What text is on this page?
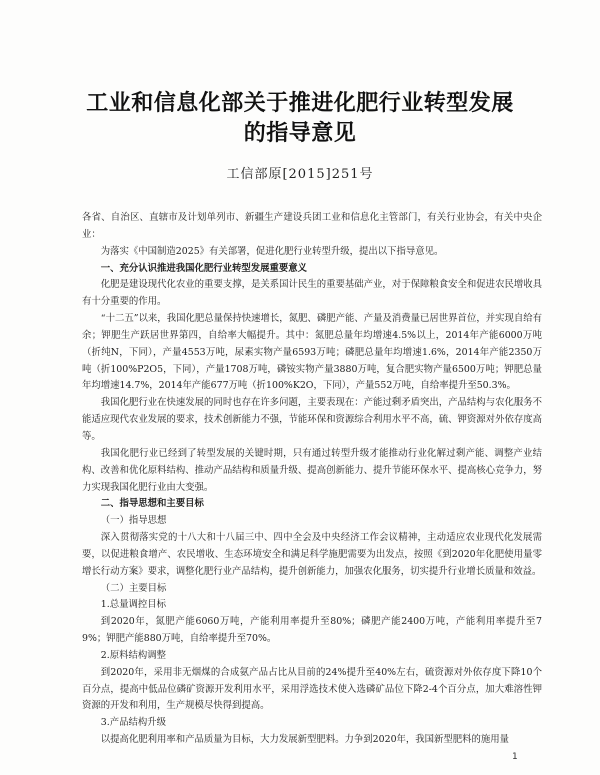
工业和信息化部关于推进化肥行业转型发展
的指导意见
工信部原[2015]251号

各省、自治区、直辖市及计划单列市、新疆生产建设兵团工业和信息化主管部门，有关行业协会，有关中央企业：

为落实《中国制造2025》有关部署，促进化肥行业转型升级，提出以下指导意见。

一、充分认识推进我国化肥行业转型发展重要意义

化肥是建设现代化农业的重要支撑，是关系国计民生的重要基础产业，对于保障粮食安全和促进农民增收具有十分重要的作用。

“十二五”以来，我国化肥总量保持快速增长，氮肥、磷肥产能、产量及消费量已居世界首位，并实现自给有余；钾肥生产跃居世界第四，自给率大幅提升。其中：氮肥总量年均增速4.5%以上，2014年产能6000万吨（折纯N，下同），产量4553万吨，尿素实物产量6593万吨；磷肥总量年均增速1.6%，2014年产能2350万吨（折100%P2O5，下同），产量1708万吨，磷铵实物产量3880万吨，复合肥实物产量6500万吨；钾肥总量年均增速14.7%，2014年产能677万吨（折100%K2O，下同），产量552万吨，自给率提升至50.3%。

我国化肥行业在快速发展的同时也存在许多问题，主要表现在：产能过剩矛盾突出，产品结构与农化服务不能适应现代农业发展的要求，技术创新能力不强，节能环保和资源综合利用水平不高，硫、钾资源对外依存度高等。

我国化肥行业已经到了转型发展的关键时期，只有通过转型升级才能推动行业化解过剩产能、调整产业结构、改善和优化原料结构、推动产品结构和质量升级、提高创新能力、提升节能环保水平、提高核心竞争力，努力实现我国化肥行业由大变强。

二、指导思想和主要目标

（一）指导思想

深入贯彻落实党的十八大和十八届三中、四中全会及中央经济工作会议精神，主动适应农业现代化发展需要，以促进粮食增产、农民增收、生态环境安全和满足科学施肥需要为出发点，按照《到2020年化肥使用量零增长行动方案》要求，调整化肥行业产品结构，提升创新能力，加强农化服务，切实提升行业增长质量和效益。

（二）主要目标

1.总量调控目标

到2020年，氮肥产能6060万吨，产能利用率提升至80%；磷肥产能2400万吨，产能利用率提升至79%；钾肥产能880万吨，自给率提升至70%。

2.原料结构调整

到2020年，采用非无烟煤的合成氨产品占比从目前的24%提升至40%左右，硫资源对外依存度下降10个百分点，提高中低品位磷矿资源开发利用水平，采用浮选技术使入选磷矿品位下降2-4个百分点，加大难溶性钾资源的开发和利用，生产规模尽快得到提高。

3.产品结构升级

以提高化肥利用率和产品质量为目标，大力发展新型肥料。力争到2020年，我国新型肥料的施用量

1
